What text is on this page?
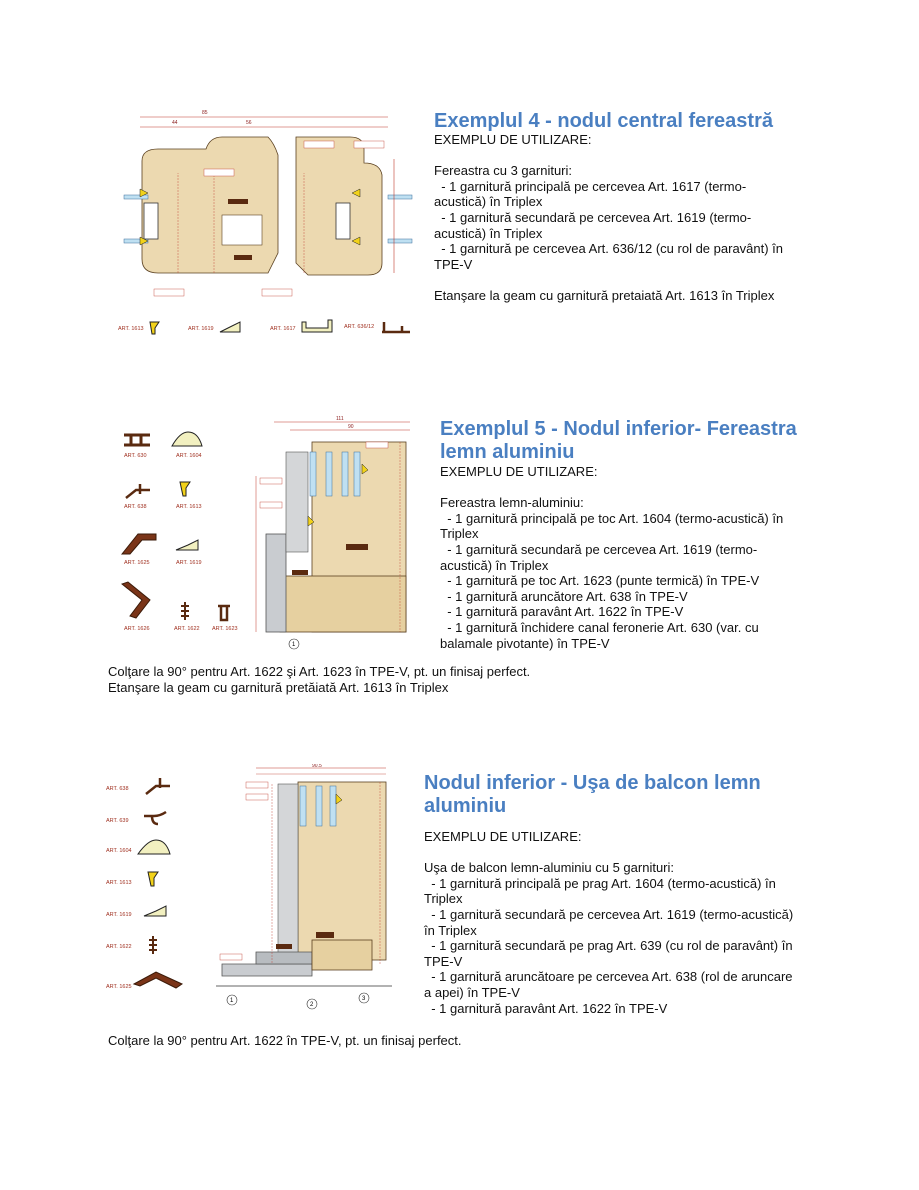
85
44	56
ART. 1613	ART. 1619	ART. 1617	ART. 636/12
Exemplul 4 - nodul central fereastră
EXEMPLU DE UTILIZARE:
Fereastra cu 3 garnituri:
- 1 garnitură principală pe cercevea Art. 1617 (termo-
acustică) în Triplex
- 1 garnitură secundară pe cercevea Art. 1619 (termo-
acustică) în Triplex
- 1 garnitură pe cercevea Art. 636/12 (cu rol de paravânt) în
TPE-V
Etanşare la geam cu garnitură pretaiată Art. 1613 în Triplex
ART. 630	ART. 1604
ART. 638	ART. 1613
ART. 1625	ART. 1619
ART. 1626	ART. 1622 ART. 1623
111
90
1
Exemplul 5 - Nodul inferior- Fereastra
lemn aluminiu
EXEMPLU DE UTILIZARE:
Fereastra lemn-aluminiu:
- 1 garnitură principală pe toc Art. 1604 (termo-acustică) în
Triplex
- 1 garnitură secundară pe cercevea Art. 1619 (termo-
acustică) în Triplex
- 1 garnitură pe toc Art. 1623 (punte termică) în TPE-V
- 1 garnitură aruncătore Art. 638 în TPE-V
- 1 garnitură paravânt Art. 1622 în TPE-V
- 1 garnitură închidere canal feronerie Art. 630 (var. cu
balamale pivotante) în TPE-V
Colţare la 90° pentru Art. 1622 şi Art. 1623 în TPE-V, pt. un finisaj perfect.
Etanşare la geam cu garnitură pretăiată Art. 1613 în Triplex
ART. 638
ART. 639
ART. 1604
ART. 1613
ART. 1619
ART. 1622
ART. 1625
90.5
1
2
3
Nodul inferior - Uşa de balcon lemn
aluminiu
EXEMPLU DE UTILIZARE:
Uşa de balcon lemn-aluminiu cu 5 garnituri:
- 1 garnitură principală pe prag Art. 1604 (termo-acustică) în
Triplex
- 1 garnitură secundară pe cercevea Art. 1619 (termo-acustică)
în Triplex
- 1 garnitură secundară pe prag Art. 639 (cu rol de paravânt) în
TPE-V
- 1 garnitură aruncătoare pe cercevea Art. 638 (rol de aruncare
a apei) în TPE-V
- 1 garnitură paravânt Art. 1622 în TPE-V
Colţare la 90° pentru Art. 1622 în TPE-V, pt. un finisaj perfect.
